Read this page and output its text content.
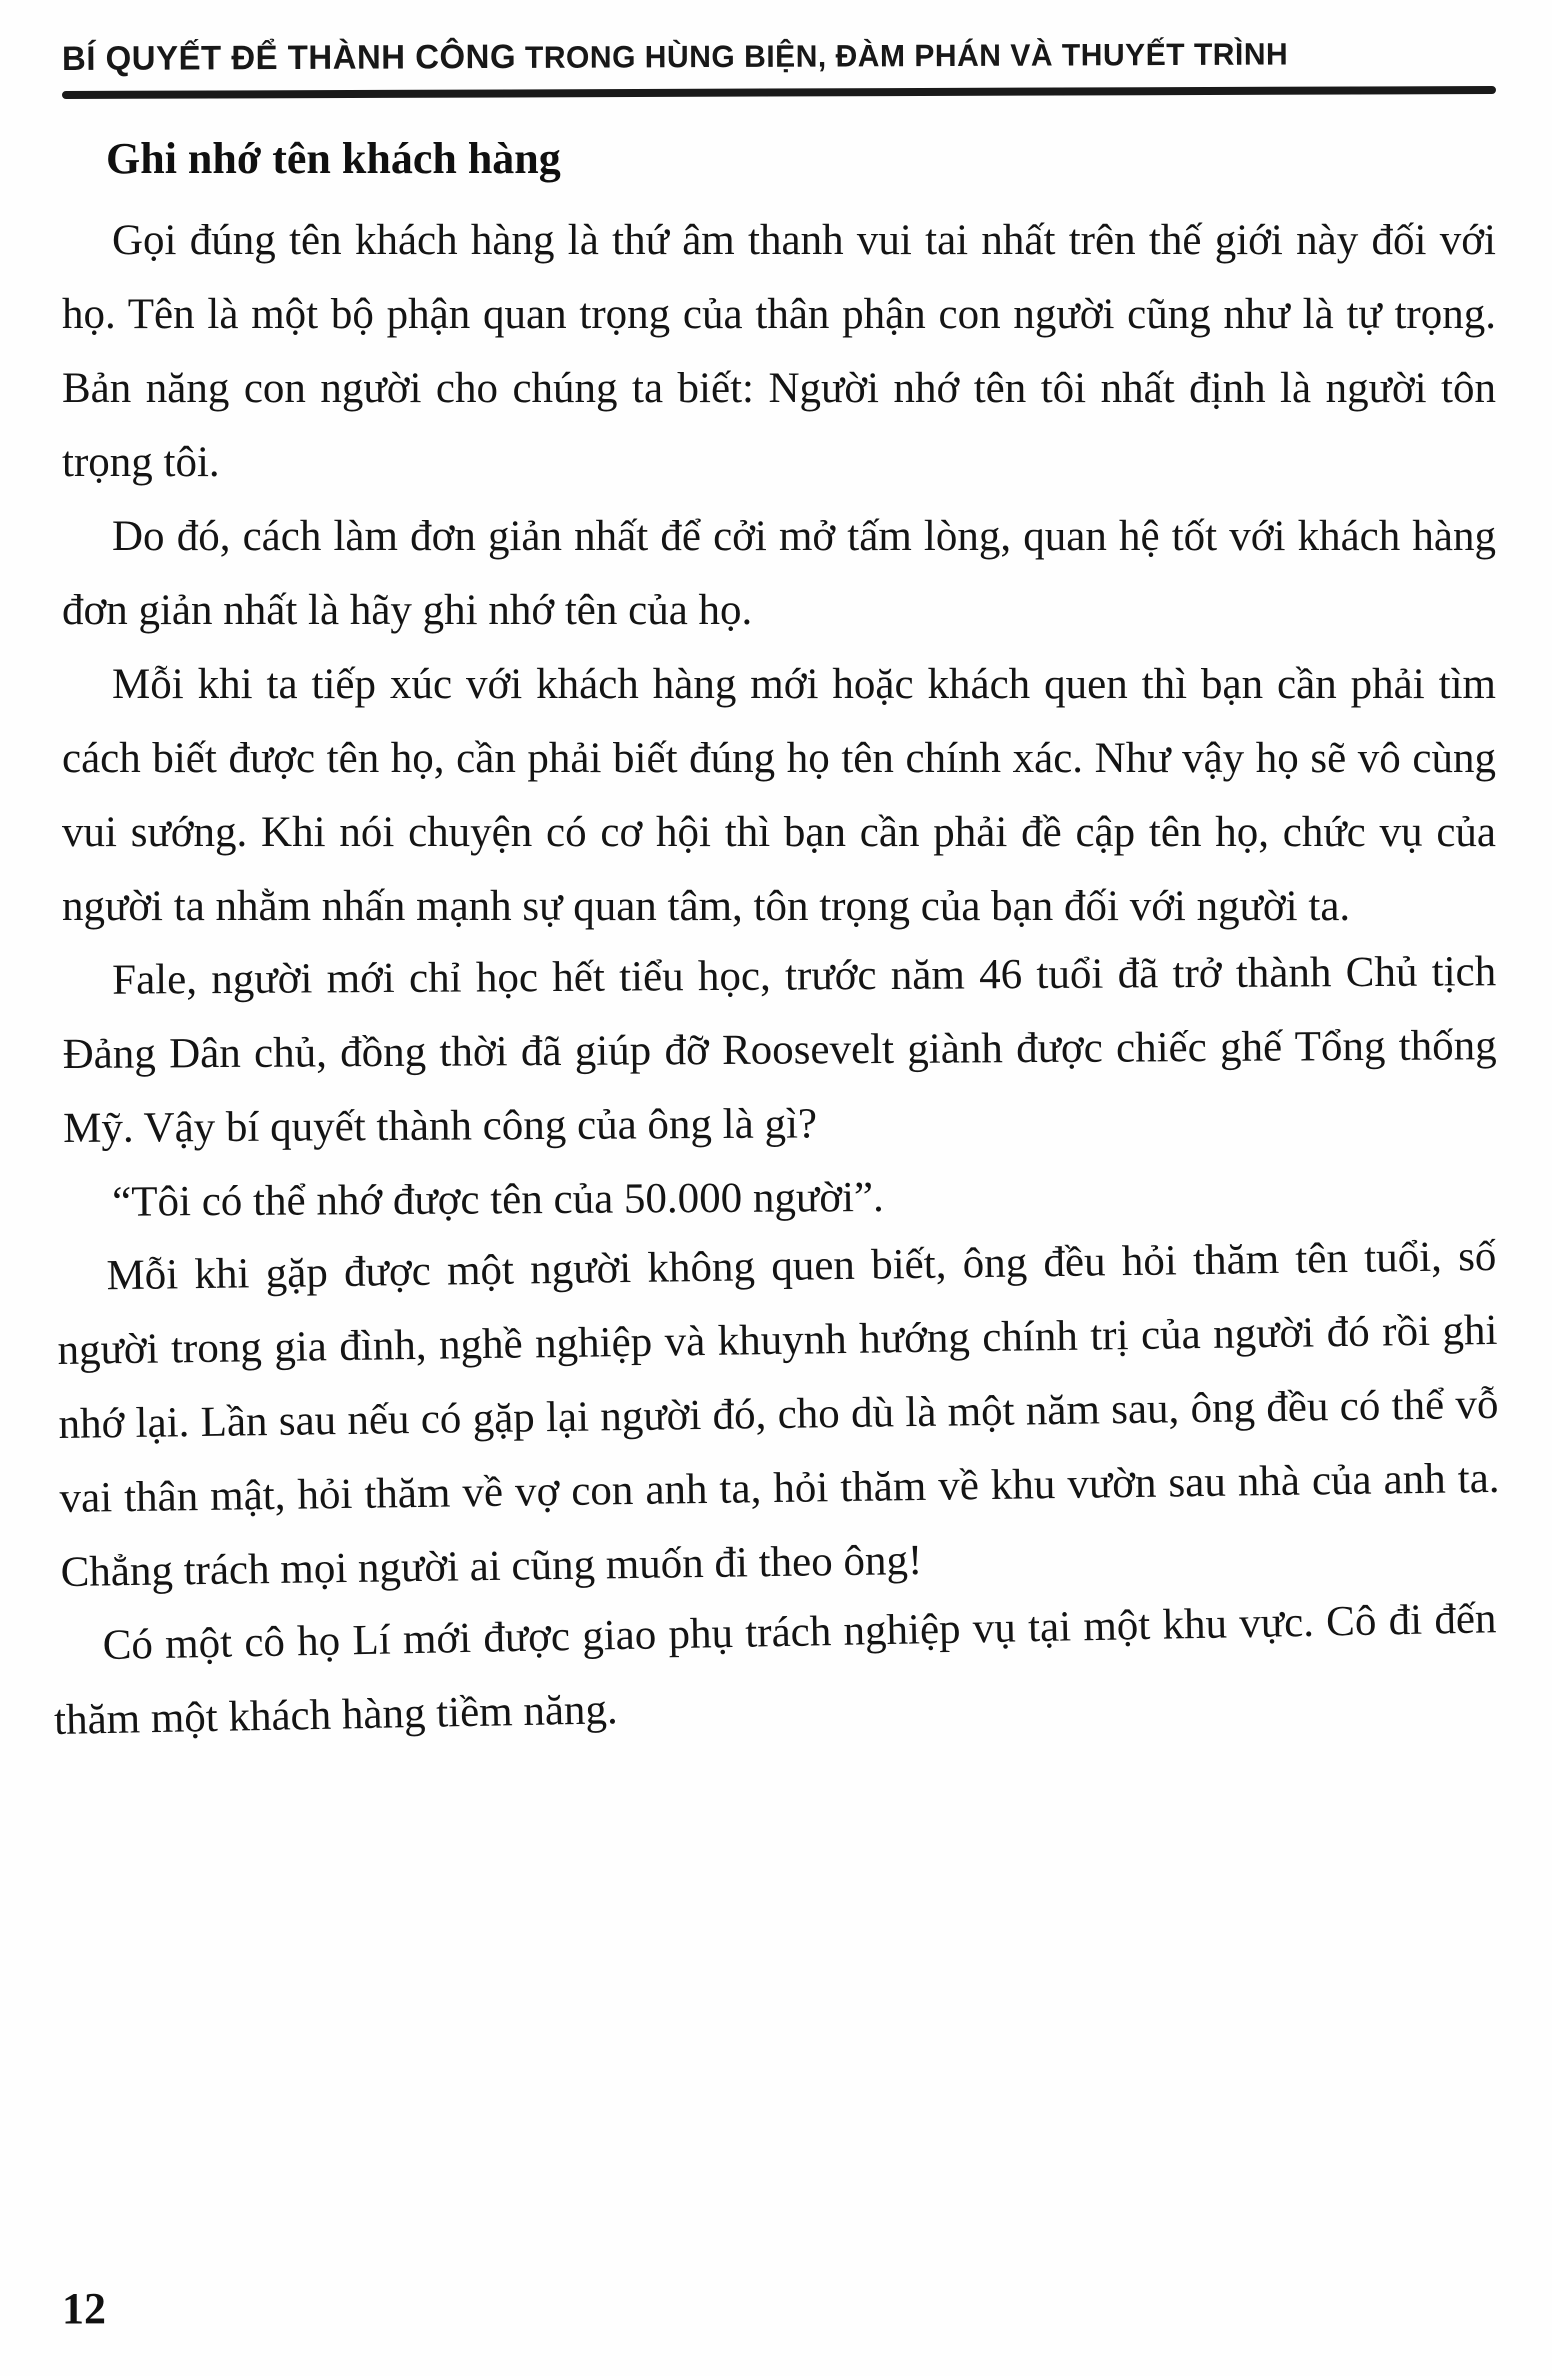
BÍ QUYẾT ĐỂ THÀNH CÔNG TRONG HÙNG BIỆN, ĐÀM PHÁN VÀ THUYẾT TRÌNH
Ghi nhớ tên khách hàng

Gọi đúng tên khách hàng là thứ âm thanh vui tai nhất trên thế giới này đối với họ. Tên là một bộ phận quan trọng của thân phận con người cũng như là tự trọng. Bản năng con người cho chúng ta biết: Người nhớ tên tôi nhất định là người tôn trọng tôi.

Do đó, cách làm đơn giản nhất để cởi mở tấm lòng, quan hệ tốt với khách hàng đơn giản nhất là hãy ghi nhớ tên của họ.

Mỗi khi ta tiếp xúc với khách hàng mới hoặc khách quen thì bạn cần phải tìm cách biết được tên họ, cần phải biết đúng họ tên chính xác. Như vậy họ sẽ vô cùng vui sướng. Khi nói chuyện có cơ hội thì bạn cần phải đề cập tên họ, chức vụ của người ta nhằm nhấn mạnh sự quan tâm, tôn trọng của bạn đối với người ta.

Fale, người mới chỉ học hết tiểu học, trước năm 46 tuổi đã trở thành Chủ tịch Đảng Dân chủ, đồng thời đã giúp đỡ Roosevelt giành được chiếc ghế Tổng thống Mỹ. Vậy bí quyết thành công của ông là gì?

“Tôi có thể nhớ được tên của 50.000 người”.

Mỗi khi gặp được một người không quen biết, ông đều hỏi thăm tên tuổi, số người trong gia đình, nghề nghiệp và khuynh hướng chính trị của người đó rồi ghi nhớ lại. Lần sau nếu có gặp lại người đó, cho dù là một năm sau, ông đều có thể vỗ vai thân mật, hỏi thăm về vợ con anh ta, hỏi thăm về khu vườn sau nhà của anh ta. Chẳng trách mọi người ai cũng muốn đi theo ông!

Có một cô họ Lí mới được giao phụ trách nghiệp vụ tại một khu vực. Cô đi đến thăm một khách hàng tiềm năng.

12
